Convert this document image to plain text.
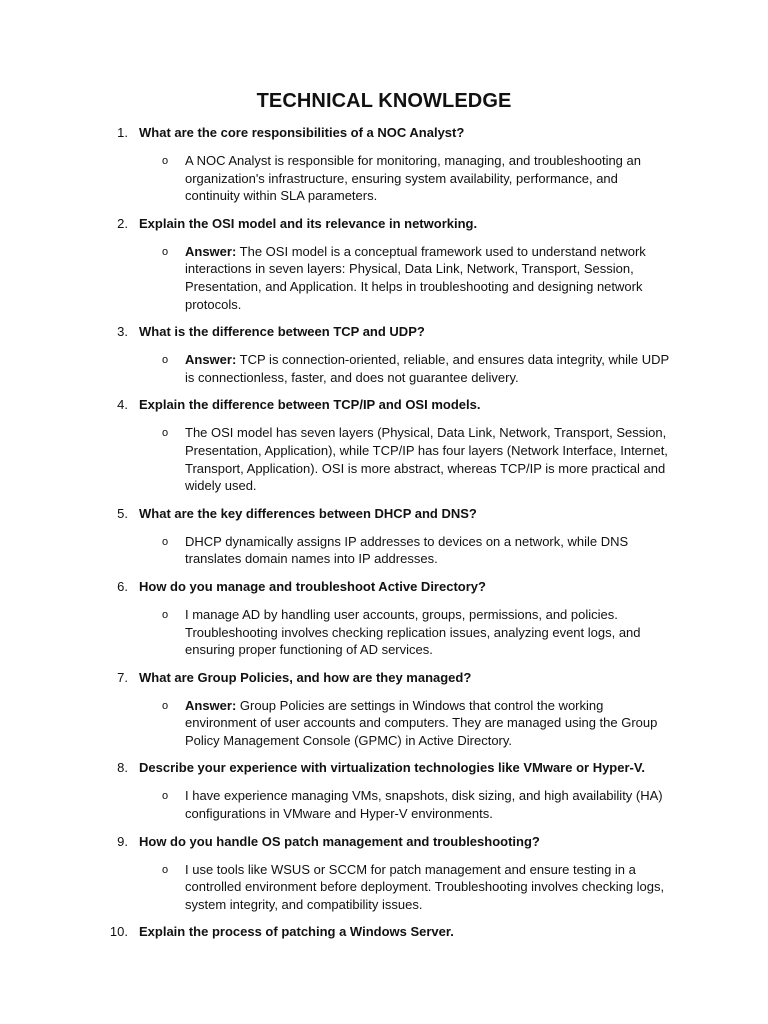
TECHNICAL KNOWLEDGE
1. What are the core responsibilities of a NOC Analyst?
o A NOC Analyst is responsible for monitoring, managing, and troubleshooting an organization's infrastructure, ensuring system availability, performance, and continuity within SLA parameters.
2. Explain the OSI model and its relevance in networking.
o Answer: The OSI model is a conceptual framework used to understand network interactions in seven layers: Physical, Data Link, Network, Transport, Session, Presentation, and Application. It helps in troubleshooting and designing network protocols.
3. What is the difference between TCP and UDP?
o Answer: TCP is connection-oriented, reliable, and ensures data integrity, while UDP is connectionless, faster, and does not guarantee delivery.
4. Explain the difference between TCP/IP and OSI models.
o The OSI model has seven layers (Physical, Data Link, Network, Transport, Session, Presentation, Application), while TCP/IP has four layers (Network Interface, Internet, Transport, Application). OSI is more abstract, whereas TCP/IP is more practical and widely used.
5. What are the key differences between DHCP and DNS?
o DHCP dynamically assigns IP addresses to devices on a network, while DNS translates domain names into IP addresses.
6. How do you manage and troubleshoot Active Directory?
o I manage AD by handling user accounts, groups, permissions, and policies. Troubleshooting involves checking replication issues, analyzing event logs, and ensuring proper functioning of AD services.
7. What are Group Policies, and how are they managed?
o Answer: Group Policies are settings in Windows that control the working environment of user accounts and computers. They are managed using the Group Policy Management Console (GPMC) in Active Directory.
8. Describe your experience with virtualization technologies like VMware or Hyper-V.
o I have experience managing VMs, snapshots, disk sizing, and high availability (HA) configurations in VMware and Hyper-V environments.
9. How do you handle OS patch management and troubleshooting?
o I use tools like WSUS or SCCM for patch management and ensure testing in a controlled environment before deployment. Troubleshooting involves checking logs, system integrity, and compatibility issues.
10. Explain the process of patching a Windows Server.
